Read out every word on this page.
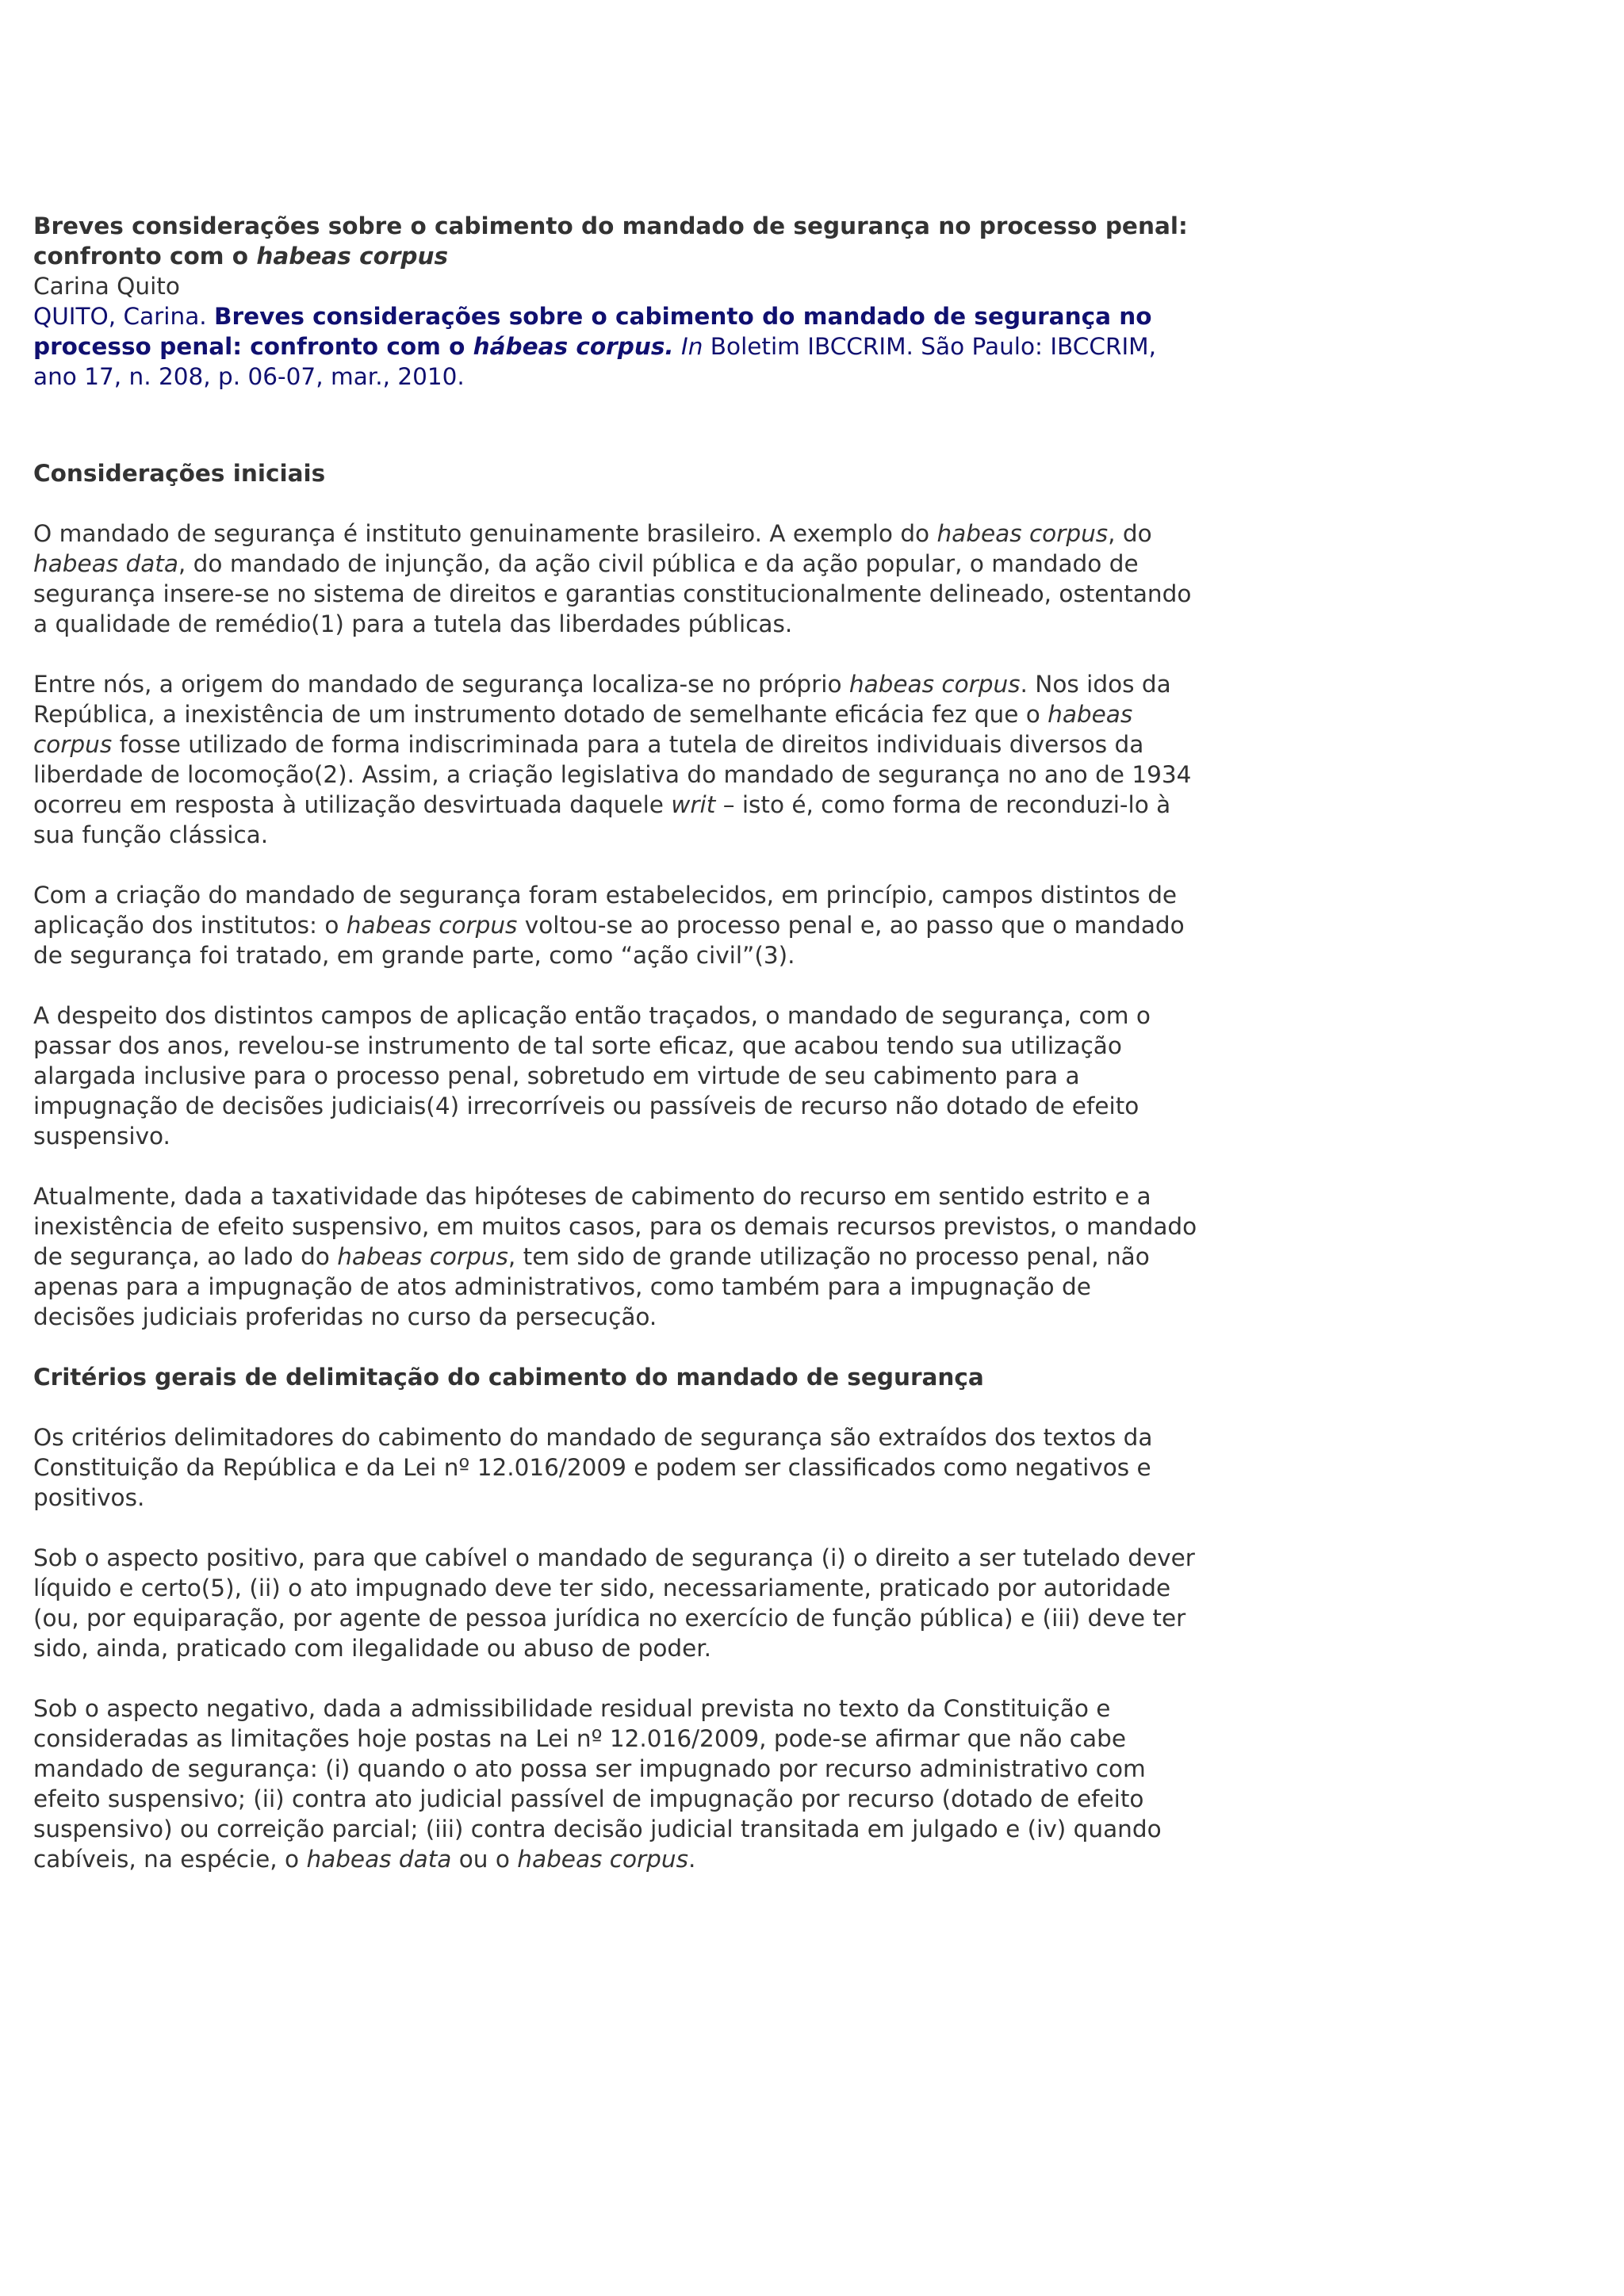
Breves considerações sobre o cabimento do mandado de segurança no processo penal: confronto com o habeas corpus

Carina Quito

QUITO, Carina. Breves considerações sobre o cabimento do mandado de segurança no processo penal: confronto com o hábeas corpus. In Boletim IBCCRIM. São Paulo: IBCCRIM, ano 17, n. 208, p. 06-07, mar., 2010.

Considerações iniciais

O mandado de segurança é instituto genuinamente brasileiro. A exemplo do habeas corpus, do habeas data, do mandado de injunção, da ação civil pública e da ação popular, o mandado de segurança insere-se no sistema de direitos e garantias constitucionalmente delineado, ostentando a qualidade de remédio(1) para a tutela das liberdades públicas.

Entre nós, a origem do mandado de segurança localiza-se no próprio habeas corpus. Nos idos da República, a inexistência de um instrumento dotado de semelhante eficácia fez que o habeas corpus fosse utilizado de forma indiscriminada para a tutela de direitos individuais diversos da liberdade de locomoção(2). Assim, a criação legislativa do mandado de segurança no ano de 1934 ocorreu em resposta à utilização desvirtuada daquele writ – isto é, como forma de reconduzi-lo à sua função clássica.

Com a criação do mandado de segurança foram estabelecidos, em princípio, campos distintos de aplicação dos institutos: o habeas corpus voltou-se ao processo penal e, ao passo que o mandado de segurança foi tratado, em grande parte, como “ação civil”(3).

A despeito dos distintos campos de aplicação então traçados, o mandado de segurança, com o passar dos anos, revelou-se instrumento de tal sorte eficaz, que acabou tendo sua utilização alargada inclusive para o processo penal, sobretudo em virtude de seu cabimento para a impugnação de decisões judiciais(4) irrecorríveis ou passíveis de recurso não dotado de efeito suspensivo.

Atualmente, dada a taxatividade das hipóteses de cabimento do recurso em sentido estrito e a inexistência de efeito suspensivo, em muitos casos, para os demais recursos previstos, o mandado de segurança, ao lado do habeas corpus, tem sido de grande utilização no processo penal, não apenas para a impugnação de atos administrativos, como também para a impugnação de decisões judiciais proferidas no curso da persecução.

Critérios gerais de delimitação do cabimento do mandado de segurança

Os critérios delimitadores do cabimento do mandado de segurança são extraídos dos textos da Constituição da República e da Lei nº 12.016/2009 e podem ser classificados como negativos e positivos.

Sob o aspecto positivo, para que cabível o mandado de segurança (i) o direito a ser tutelado dever líquido e certo(5), (ii) o ato impugnado deve ter sido, necessariamente, praticado por autoridade (ou, por equiparação, por agente de pessoa jurídica no exercício de função pública) e (iii) deve ter sido, ainda, praticado com ilegalidade ou abuso de poder.

Sob o aspecto negativo, dada a admissibilidade residual prevista no texto da Constituição e consideradas as limitações hoje postas na Lei nº 12.016/2009, pode-se afirmar que não cabe mandado de segurança: (i) quando o ato possa ser impugnado por recurso administrativo com efeito suspensivo; (ii) contra ato judicial passível de impugnação por recurso (dotado de efeito suspensivo) ou correição parcial; (iii) contra decisão judicial transitada em julgado e (iv) quando cabíveis, na espécie, o habeas data ou o habeas corpus.
